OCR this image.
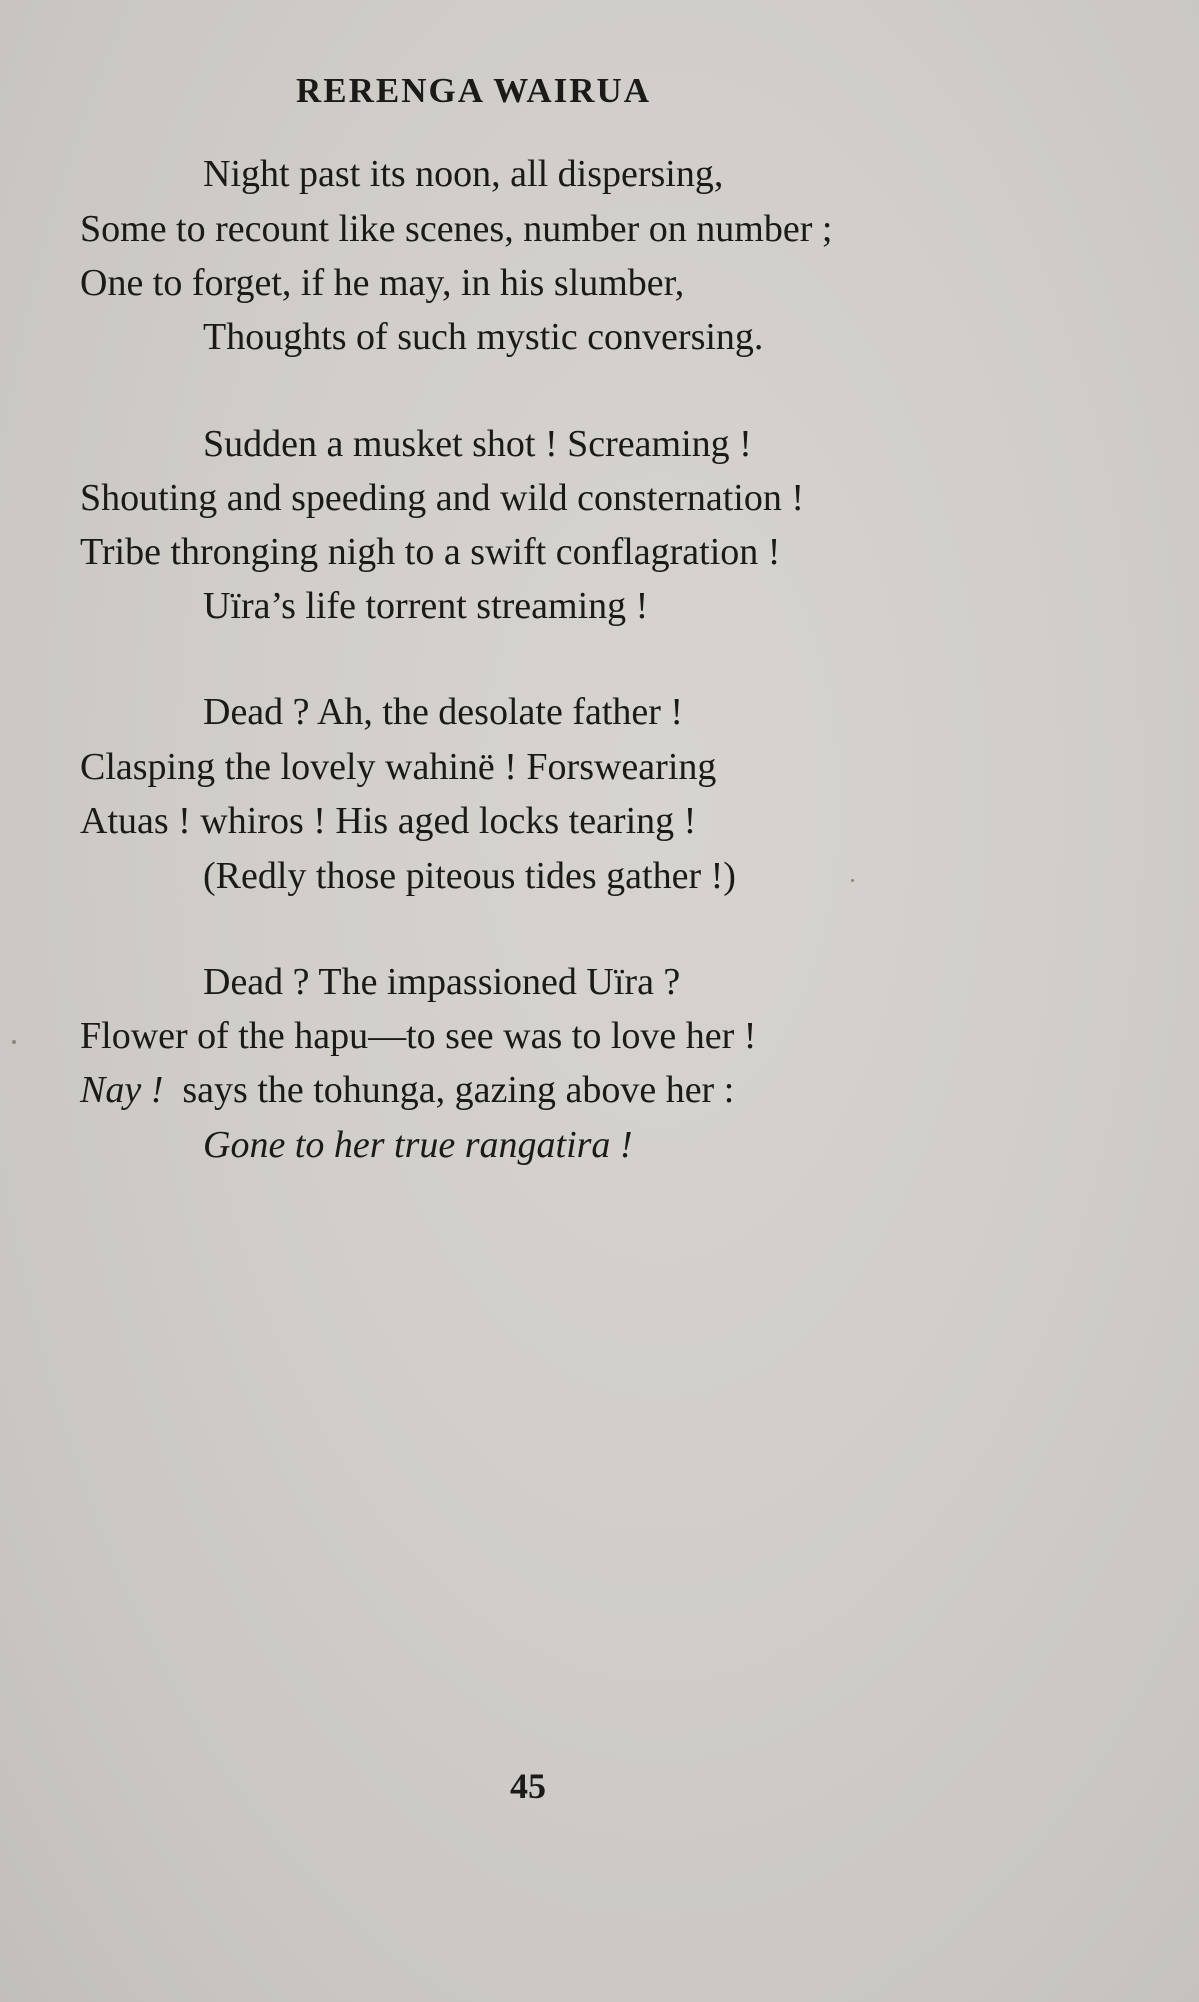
RERENGA WAIRUA
Night past its noon, all dispersing,
Some to recount like scenes, number on number ;
One to forget, if he may, in his slumber,
Thoughts of such mystic conversing.
Sudden a musket shot ! Screaming !
Shouting and speeding and wild consternation !
Tribe thronging nigh to a swift conflagration !
Uïra’s life torrent streaming !
Dead ? Ah, the desolate father !
Clasping the lovely wahinë ! Forswearing
Atuas ! whiros ! His aged locks tearing !
(Redly those piteous tides gather !)
Dead ? The impassioned Uïra ?
Flower of the hapu—to see was to love her !
Nay ! says the tohunga, gazing above her :
Gone to her true rangatira !
45
